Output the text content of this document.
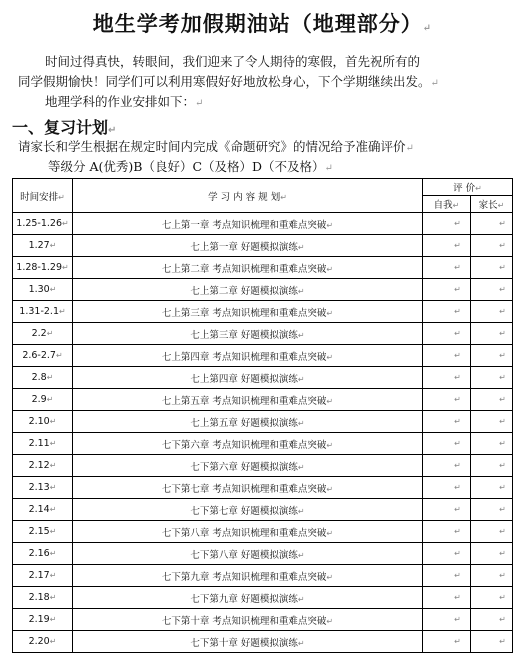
地生学考加假期油站（地理部分）↵
时间过得真快，转眼间，我们迎来了令人期待的寒假，首先祝所有的
同学假期愉快！同学们可以利用寒假好好地放松身心，下个学期继续出发。↵
地理学科的作业安排如下：↵
一、复习计划↵
请家长和学生根据在规定时间内完成《命题研究》的情况给予准确评价↵
等级分 A(优秀)B（良好）C（及格）D（不及格）↵
时间安排↵	学 习 内 容 规 划↵	评 价↵	
		自我↵	家长↵
1.25-1.26↵	七上第一章 考点知识梳理和重难点突破↵	↵	↵
1.27↵	七上第一章 好题模拟演练↵	↵	↵
1.28-1.29↵	七上第二章 考点知识梳理和重难点突破↵	↵	↵
1.30↵	七上第二章 好题模拟演练↵	↵	↵
1.31-2.1↵	七上第三章 考点知识梳理和重难点突破↵	↵	↵
2.2↵	七上第三章 好题模拟演练↵	↵	↵
2.6-2.7↵	七上第四章 考点知识梳理和重难点突破↵	↵	↵
2.8↵	七上第四章 好题模拟演练↵	↵	↵
2.9↵	七上第五章 考点知识梳理和重难点突破↵	↵	↵
2.10↵	七上第五章 好题模拟演练↵	↵	↵
2.11↵	七下第六章 考点知识梳理和重难点突破↵	↵	↵
2.12↵	七下第六章 好题模拟演练↵	↵	↵
2.13↵	七下第七章 考点知识梳理和重难点突破↵	↵	↵
2.14↵	七下第七章 好题模拟演练↵	↵	↵
2.15↵	七下第八章 考点知识梳理和重难点突破↵	↵	↵
2.16↵	七下第八章 好题模拟演练↵	↵	↵
2.17↵	七下第九章 考点知识梳理和重难点突破↵	↵	↵
2.18↵	七下第九章 好题模拟演练↵	↵	↵
2.19↵	七下第十章 考点知识梳理和重难点突破↵	↵	↵
2.20↵	七下第十章 好题模拟演练↵	↵	↵
